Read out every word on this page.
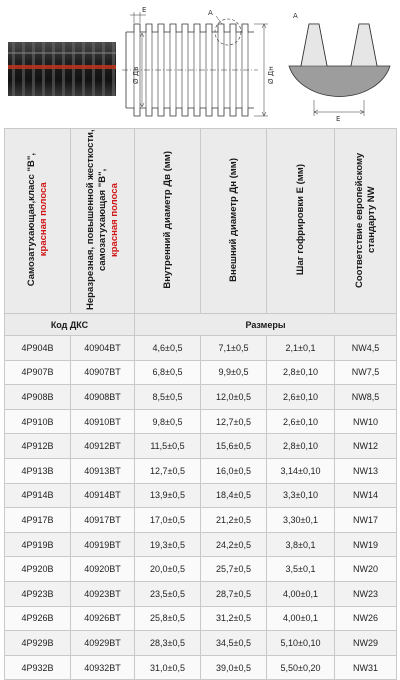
E	A
Ø Дв	Ø Дн
A
E
Самозатухающая,класс "В",
красная полоса	Неразрезная, повышенной жесткости, самозатухающая "В",
красная полоса	Внутренний диаметр Дв (мм)	Внешний диаметр Дн (мм)	Шаг гофрировки E (мм)	Соответствие европейскому стандарту NW
Код ДКС		Размеры			
4P904B	40904BT	4,6±0,5	7,1±0,5	2,1±0,1	NW4,5
4P907B	40907BT	6,8±0,5	9,9±0,5	2,8±0,10	NW7,5
4P908B	40908BT	8,5±0,5	12,0±0,5	2,6±0,10	NW8,5
4P910B	40910BT	9,8±0,5	12,7±0,5	2,6±0,10	NW10
4P912B	40912BT	11,5±0,5	15,6±0,5	2,8±0,10	NW12
4P913B	40913BT	12,7±0,5	16,0±0,5	3,14±0,10	NW13
4P914B	40914BT	13,9±0,5	18,4±0,5	3,3±0,10	NW14
4P917B	40917BT	17,0±0,5	21,2±0,5	3,30±0,1	NW17
4P919B	40919BT	19,3±0,5	24,2±0,5	3,8±0,1	NW19
4P920B	40920BT	20,0±0,5	25,7±0,5	3,5±0,1	NW20
4P923B	40923BT	23,5±0,5	28,7±0,5	4,00±0,1	NW23
4P926B	40926BT	25,8±0,5	31,2±0,5	4,00±0,1	NW26
4P929B	40929BT	28,3±0,5	34,5±0,5	5,10±0,10	NW29
4P932B	40932BT	31,0±0,5	39,0±0,5	5,50±0,20	NW31
